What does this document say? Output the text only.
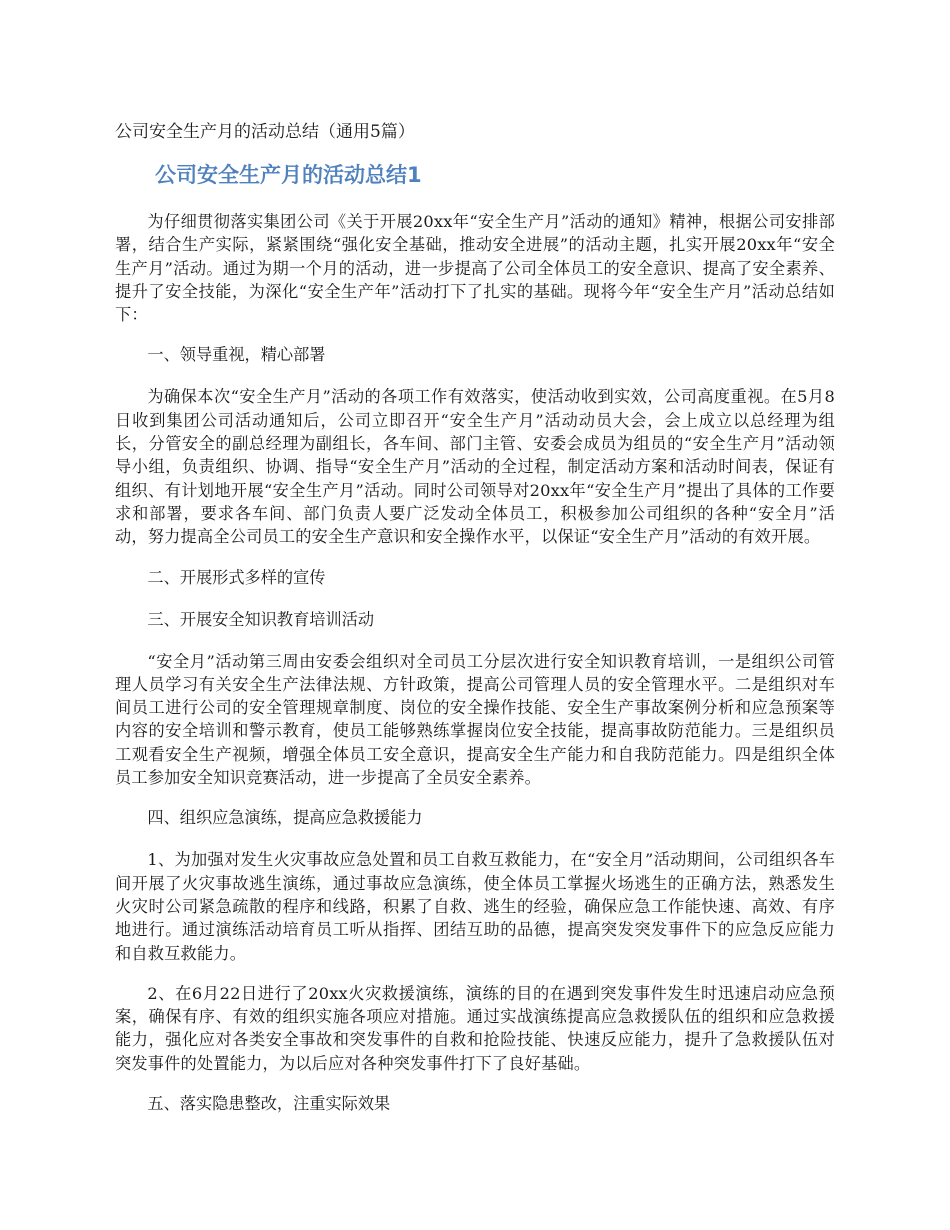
公司安全生产月的活动总结（通用5篇）
公司安全生产月的活动总结1

为仔细贯彻落实集团公司《关于开展20xx年“安全生产月”活动的通知》精神，根据公司安排部署，结合生产实际，紧紧围绕“强化安全基础，推动安全进展”的活动主题，扎实开展20xx年“安全生产月”活动。通过为期一个月的活动，进一步提高了公司全体员工的安全意识、提高了安全素养、提升了安全技能，为深化“安全生产年”活动打下了扎实的基础。现将今年“安全生产月”活动总结如下：

一、领导重视，精心部署

为确保本次“安全生产月”活动的各项工作有效落实，使活动收到实效，公司高度重视。在5月8日收到集团公司活动通知后，公司立即召开“安全生产月”活动动员大会，会上成立以总经理为组长，分管安全的副总经理为副组长，各车间、部门主管、安委会成员为组员的“安全生产月”活动领导小组，负责组织、协调、指导“安全生产月”活动的全过程，制定活动方案和活动时间表，保证有组织、有计划地开展“安全生产月”活动。同时公司领导对20xx年“安全生产月”提出了具体的工作要求和部署，要求各车间、部门负责人要广泛发动全体员工，积极参加公司组织的各种“安全月”活动，努力提高全公司员工的安全生产意识和安全操作水平，以保证“安全生产月”活动的有效开展。

二、开展形式多样的宣传

三、开展安全知识教育培训活动

“安全月”活动第三周由安委会组织对全司员工分层次进行安全知识教育培训，一是组织公司管理人员学习有关安全生产法律法规、方针政策，提高公司管理人员的安全管理水平。二是组织对车间员工进行公司的安全管理规章制度、岗位的安全操作技能、安全生产事故案例分析和应急预案等内容的安全培训和警示教育，使员工能够熟练掌握岗位安全技能，提高事故防范能力。三是组织员工观看安全生产视频，增强全体员工安全意识，提高安全生产能力和自我防范能力。四是组织全体员工参加安全知识竞赛活动，进一步提高了全员安全素养。

四、组织应急演练，提高应急救援能力

1、为加强对发生火灾事故应急处置和员工自救互救能力，在“安全月”活动期间，公司组织各车间开展了火灾事故逃生演练，通过事故应急演练，使全体员工掌握火场逃生的正确方法，熟悉发生火灾时公司紧急疏散的程序和线路，积累了自救、逃生的经验，确保应急工作能快速、高效、有序地进行。通过演练活动培育员工听从指挥、团结互助的品德，提高突发突发事件下的应急反应能力和自救互救能力。

2、在6月22日进行了20xx火灾救援演练，演练的目的在遇到突发事件发生时迅速启动应急预案，确保有序、有效的组织实施各项应对措施。通过实战演练提高应急救援队伍的组织和应急救援能力，强化应对各类安全事故和突发事件的自救和抢险技能、快速反应能力，提升了急救援队伍对突发事件的处置能力，为以后应对各种突发事件打下了良好基础。

五、落实隐患整改，注重实际效果
